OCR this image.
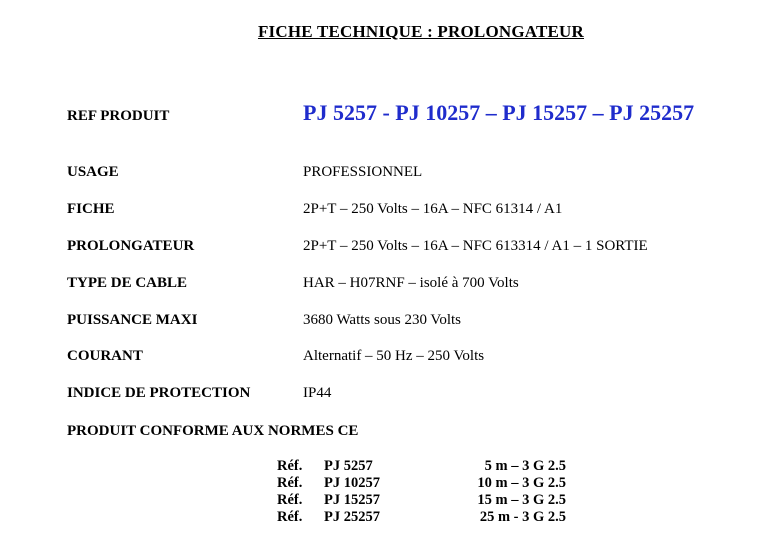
FICHE TECHNIQUE : PROLONGATEUR
REF PRODUIT	PJ 5257 - PJ 10257 – PJ 15257 – PJ 25257
USAGE	PROFESSIONNEL
FICHE	2P+T – 250 Volts – 16A – NFC 61314 / A1
PROLONGATEUR	2P+T – 250 Volts – 16A – NFC 613314 / A1 – 1 SORTIE
TYPE DE CABLE	HAR – H07RNF – isolé à 700 Volts
PUISSANCE MAXI	3680 Watts sous 230 Volts
COURANT	Alternatif – 50 Hz – 250 Volts
INDICE DE PROTECTION	IP44
PRODUIT CONFORME AUX NORMES CE
Réf. PJ 5257	5 m – 3 G 2.5
Réf. PJ 10257	10 m – 3 G 2.5
Réf. PJ 15257	15 m – 3 G 2.5
Réf. PJ 25257	25 m - 3 G 2.5
